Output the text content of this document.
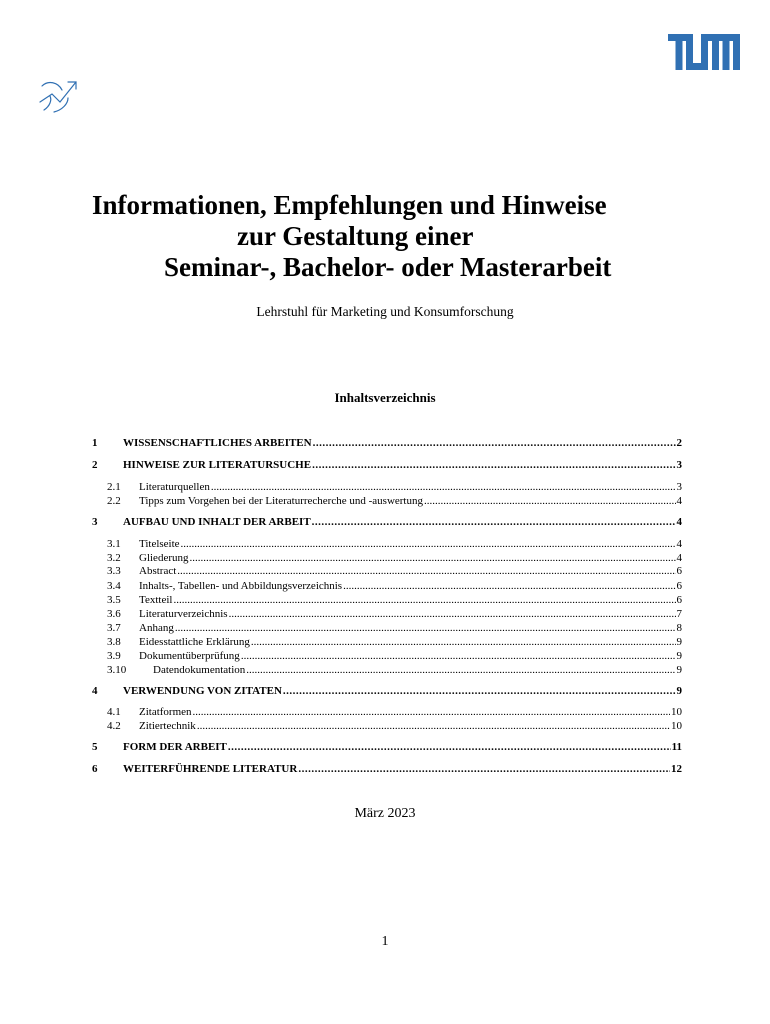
Informationen, Empfehlungen und Hinweise
zur Gestaltung einer
Seminar-, Bachelor- oder Masterarbeit
Lehrstuhl für Marketing und Konsumforschung
Inhaltsverzeichnis
1	WISSENSCHAFTLICHES ARBEITEN .....	2
2	HINWEISE ZUR LITERATURSUCHE .....	3
2.1	Literaturquellen .....	3
2.2	Tipps zum Vorgehen bei der Literaturrecherche und -auswertung .....	4
3	AUFBAU UND INHALT DER ARBEIT .....	4
3.1	Titelseite .....	4
3.2	Gliederung .....	4
3.3	Abstract .....	6
3.4	Inhalts-, Tabellen- und Abbildungsverzeichnis .....	6
3.5	Textteil .....	6
3.6	Literaturverzeichnis .....	7
3.7	Anhang .....	8
3.8	Eidesstattliche Erklärung .....	9
3.9	Dokumentüberprüfung .....	9
3.10	Datendokumentation .....	9
4	VERWENDUNG VON ZITATEN .....	9
4.1	Zitatformen .....	10
4.2	Zitiertechnik .....	10
5	FORM DER ARBEIT .....	11
6	WEITERFÜHRENDE LITERATUR .....	12
März 2023
1
